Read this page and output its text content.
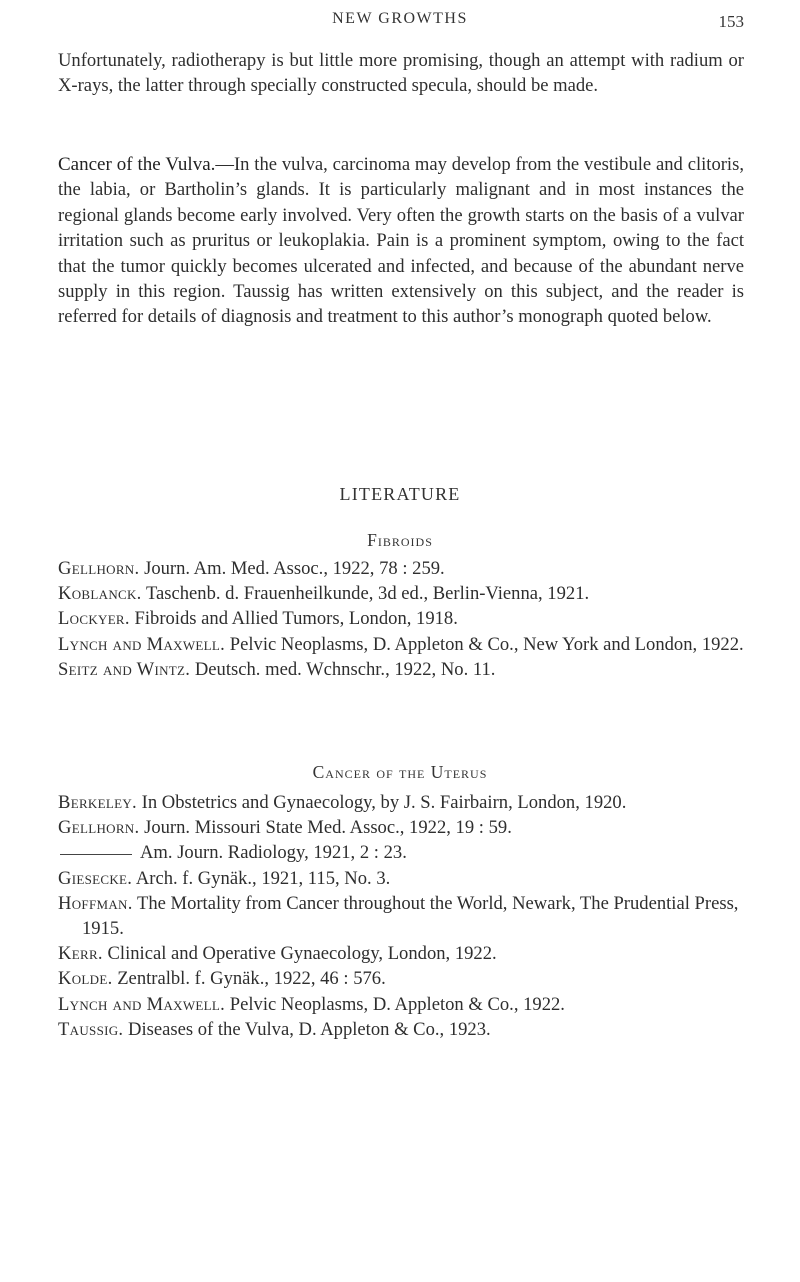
NEW GROWTHS	153

Unfortunately, radiotherapy is but little more promising, though an attempt with radium or X-rays, the latter through specially constructed specula, should be made.

Cancer of the Vulva.—In the vulva, carcinoma may develop from the vestibule and clitoris, the labia, or Bartholin’s glands. It is particularly malignant and in most instances the regional glands become early involved. Very often the growth starts on the basis of a vulvar irritation such as pruritus or leukoplakia. Pain is a prominent symptom, owing to the fact that the tumor quickly becomes ulcerated and infected, and because of the abundant nerve supply in this region. Taussig has written extensively on this subject, and the reader is referred for details of diagnosis and treatment to this author’s monograph quoted below.

LITERATURE
Fibroids

Gellhorn. Journ. Am. Med. Assoc., 1922, 78 : 259.

Koblanck. Taschenb. d. Frauenheilkunde, 3d ed., Berlin-Vienna, 1921.

Lockyer. Fibroids and Allied Tumors, London, 1918.

Lynch and Maxwell. Pelvic Neoplasms, D. Appleton & Co., New York and London, 1922.

Seitz and Wintz. Deutsch. med. Wchnschr., 1922, No. 11.

Cancer of the Uterus

Berkeley. In Obstetrics and Gynaecology, by J. S. Fairbairn, London, 1920.

Gellhorn. Journ. Missouri State Med. Assoc., 1922, 19 : 59.

Am. Journ. Radiology, 1921, 2 : 23.

Giesecke. Arch. f. Gynäk., 1921, 115, No. 3.

Hoffman. The Mortality from Cancer throughout the World, Newark, The Prudential Press, 1915.

Kerr. Clinical and Operative Gynaecology, London, 1922.

Kolde. Zentralbl. f. Gynäk., 1922, 46 : 576.

Lynch and Maxwell. Pelvic Neoplasms, D. Appleton & Co., 1922.

Taussig. Diseases of the Vulva, D. Appleton & Co., 1923.
